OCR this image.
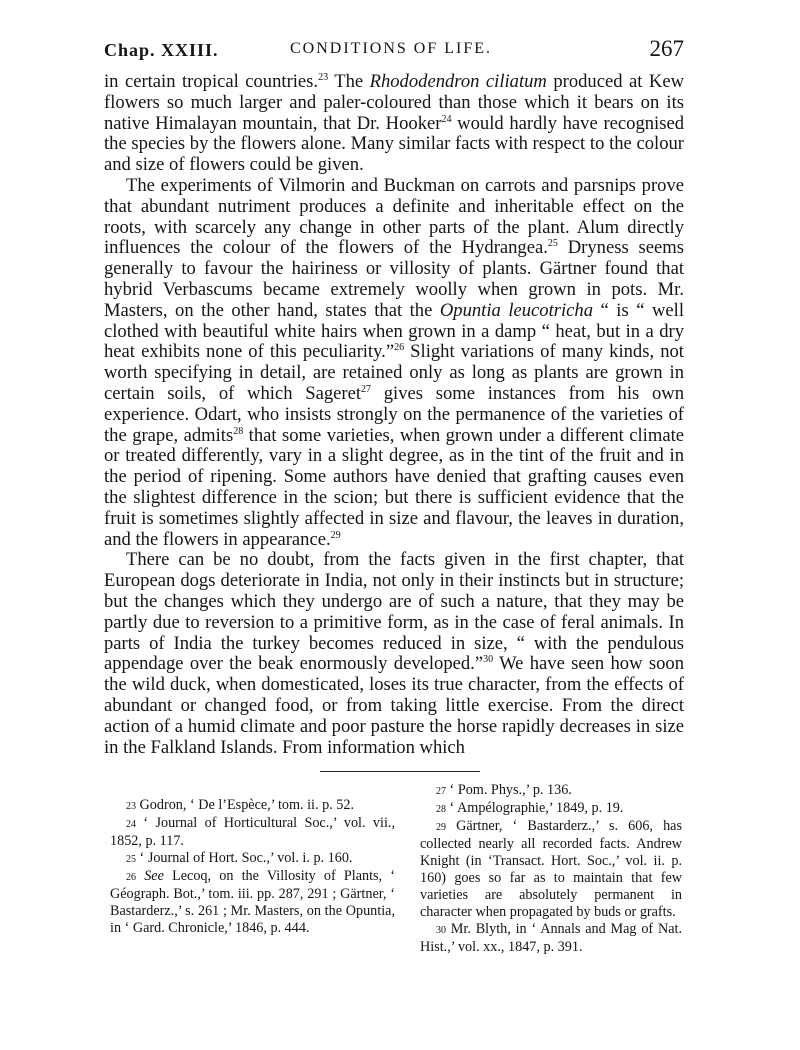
Chap. XXIII.	CONDITIONS OF LIFE.	267

in certain tropical countries.$^{23}$ The Rhododendron ciliatum produced at Kew flowers so much larger and paler-coloured than those which it bears on its native Himalayan mountain, that Dr. Hooker$^{24}$ would hardly have recognised the species by the flowers alone. Many similar facts with respect to the colour and size of flowers could be given.

The experiments of Vilmorin and Buckman on carrots and parsnips prove that abundant nutriment produces a definite and inheritable effect on the roots, with scarcely any change in other parts of the plant. Alum directly influences the colour of the flowers of the Hydrangea.$^{25}$ Dryness seems generally to favour the hairiness or villosity of plants. Gärtner found that hybrid Verbascums became extremely woolly when grown in pots. Mr. Masters, on the other hand, states that the Opuntia leucotricha “ is “ well clothed with beautiful white hairs when grown in a damp “ heat, but in a dry heat exhibits none of this peculiarity.”$^{26}$ Slight variations of many kinds, not worth specifying in detail, are retained only as long as plants are grown in certain soils, of which Sageret$^{27}$ gives some instances from his own experience. Odart, who insists strongly on the permanence of the varieties of the grape, admits$^{28}$ that some varieties, when grown under a different climate or treated differently, vary in a slight degree, as in the tint of the fruit and in the period of ripening. Some authors have denied that grafting causes even the slightest difference in the scion; but there is sufficient evidence that the fruit is sometimes slightly affected in size and flavour, the leaves in duration, and the flowers in appearance.$^{29}$

There can be no doubt, from the facts given in the first chapter, that European dogs deteriorate in India, not only in their instincts but in structure; but the changes which they undergo are of such a nature, that they may be partly due to reversion to a primitive form, as in the case of feral animals. In parts of India the turkey becomes reduced in size, “ with the pendulous appendage over the beak enormously developed.”$^{30}$ We have seen how soon the wild duck, when domesticated, loses its true character, from the effects of abundant or changed food, or from taking little exercise. From the direct action of a humid climate and poor pasture the horse rapidly decreases in size in the Falkland Islands. From information which

23 Godron, ‘ De l’Espèce,’ tom. ii. p. 52.

24 ‘ Journal of Horticultural Soc.,’ vol. vii., 1852, p. 117.

25 ‘ Journal of Hort. Soc.,’ vol. i. p. 160.

26 See Lecoq, on the Villosity of Plants, ‘ Géograph. Bot.,’ tom. iii. pp. 287, 291 ; Gärtner, ‘ Bastarderz.,’ s. 261 ; Mr. Masters, on the Opuntia, in ‘ Gard. Chronicle,’ 1846, p. 444.

27 ‘ Pom. Phys.,’ p. 136.

28 ‘ Ampélographie,’ 1849, p. 19.

29 Gärtner, ‘ Bastarderz.,’ s. 606, has collected nearly all recorded facts. Andrew Knight (in ‘Transact. Hort. Soc.,’ vol. ii. p. 160) goes so far as to maintain that few varieties are absolutely permanent in character when propagated by buds or grafts.

30 Mr. Blyth, in ‘ Annals and Mag of Nat. Hist.,’ vol. xx., 1847, p. 391.
